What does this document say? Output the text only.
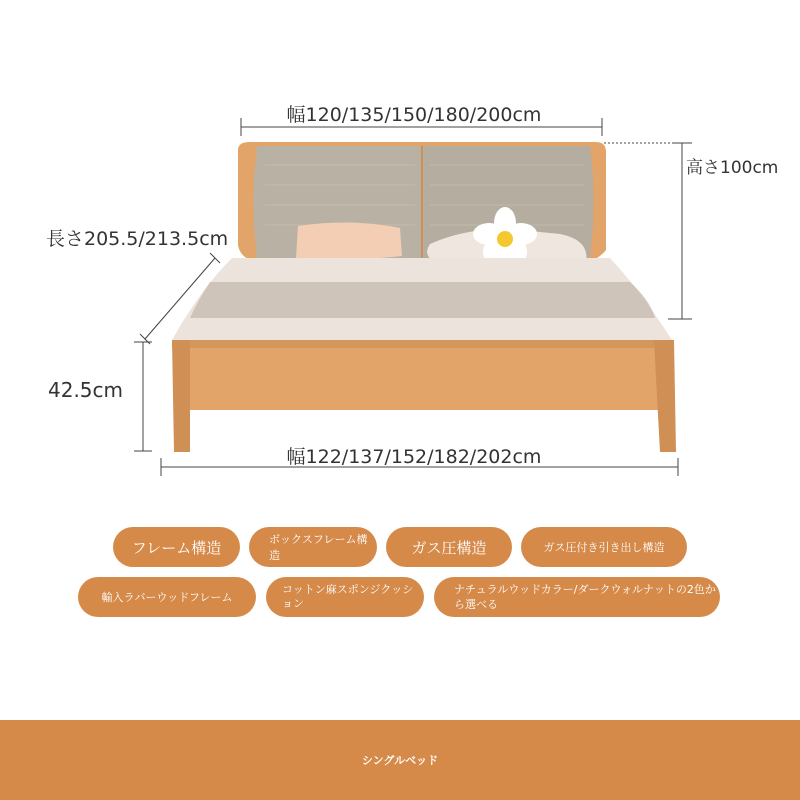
幅120/135/150/180/200cm
高さ100cm
長さ205.5/213.5cm
42.5cm
幅122/137/152/182/202cm
フレーム構造	ボックスフレーム構造	ガス圧構造	ガス圧付き引き出し構造
輸入ラバーウッドフレーム
コットン麻スポンジクッション
ナチュラルウッドカラー/ダークウォルナットの2色から選べる
シングルベッド
